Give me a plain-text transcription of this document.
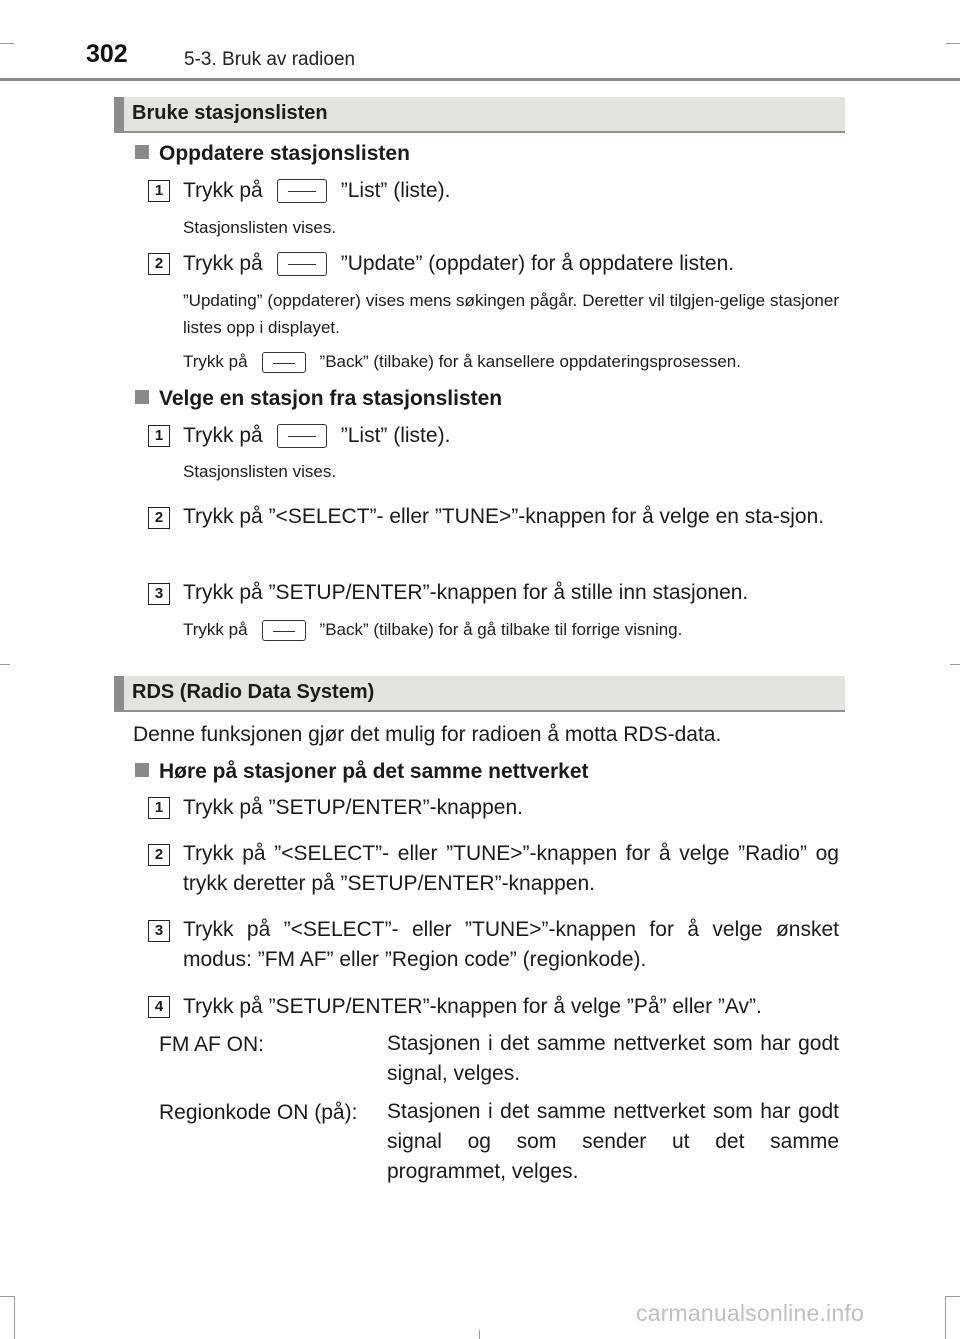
302	5-3. Bruk av radioen
Bruke stasjonslisten
Oppdatere stasjonslisten
1 Trykk på	”List” (liste).
Stasjonslisten vises.
2 Trykk på	”Update” (oppdater) for å oppdatere listen.
”Updating” (oppdaterer) vises mens søkingen pågår. Deretter vil tilgjen-gelige stasjoner listes opp i displayet.
Trykk på	”Back” (tilbake) for å kansellere oppdateringsprosessen.
Velge en stasjon fra stasjonslisten
1 Trykk på	”List” (liste).
Stasjonslisten vises.
2 Trykk på ”<SELECT”- eller ”TUNE>”-knappen for å velge en sta-sjon.
3 Trykk på ”SETUP/ENTER”-knappen for å stille inn stasjonen.
Trykk på	”Back” (tilbake) for å gå tilbake til forrige visning.
RDS (Radio Data System)
Denne funksjonen gjør det mulig for radioen å motta RDS-data.
Høre på stasjoner på det samme nettverket
1 Trykk på ”SETUP/ENTER”-knappen.
2 Trykk på ”<SELECT”- eller ”TUNE>”-knappen for å velge ”Radio” og trykk deretter på ”SETUP/ENTER”-knappen.
3 Trykk på ”<SELECT”- eller ”TUNE>”-knappen for å velge ønsket modus: ”FM AF” eller ”Region code” (regionkode).
4 Trykk på ”SETUP/ENTER”-knappen for å velge ”På” eller ”Av”.
FM AF ON:	Stasjonen i det samme nettverket som har godt signal, velges.
Regionkode ON (på): Stasjonen i det samme nettverket som har godt signal og som sender ut det samme programmet, velges.
carmanualsonline.info
